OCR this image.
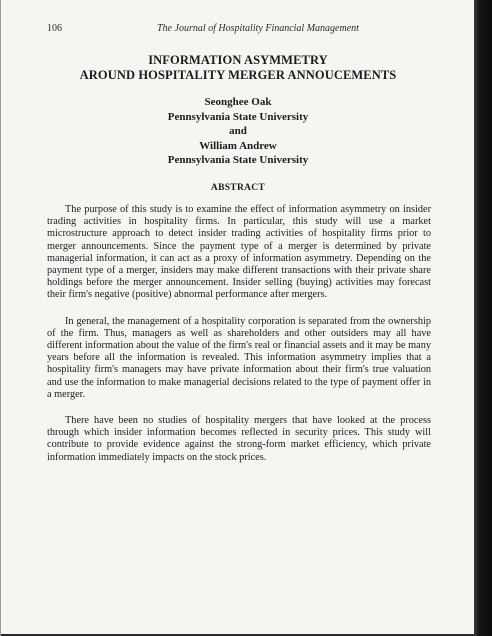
106	The Journal of Hospitality Financial Management
INFORMATION ASYMMETRY
AROUND HOSPITALITY MERGER ANNOUCEMENTS
Seonghee Oak
Pennsylvania State University
and
William Andrew
Pennsylvania State University
ABSTRACT

The purpose of this study is to examine the effect of information asymmetry on insider trading activities in hospitality firms. In particular, this study will use a market microstructure approach to detect insider trading activities of hospitality firms prior to merger announcements. Since the payment type of a merger is determined by private managerial information, it can act as a proxy of information asymmetry. Depending on the payment type of a merger, insiders may make different transactions with their private share holdings before the merger announcement. Insider selling (buying) activities may forecast their firm's negative (positive) abnormal performance after mergers.

In general, the management of a hospitality corporation is separated from the ownership of the firm. Thus, managers as well as shareholders and other outsiders may all have different information about the value of the firm's real or financial assets and it may be many years before all the information is revealed. This information asymmetry implies that a hospitality firm's managers may have private information about their firm's true valuation and use the information to make managerial decisions related to the type of payment offer in a merger.

There have been no studies of hospitality mergers that have looked at the process through which insider information becomes reflected in security prices. This study will contribute to provide evidence against the strong-form market efficiency, which private information immediately impacts on the stock prices.
